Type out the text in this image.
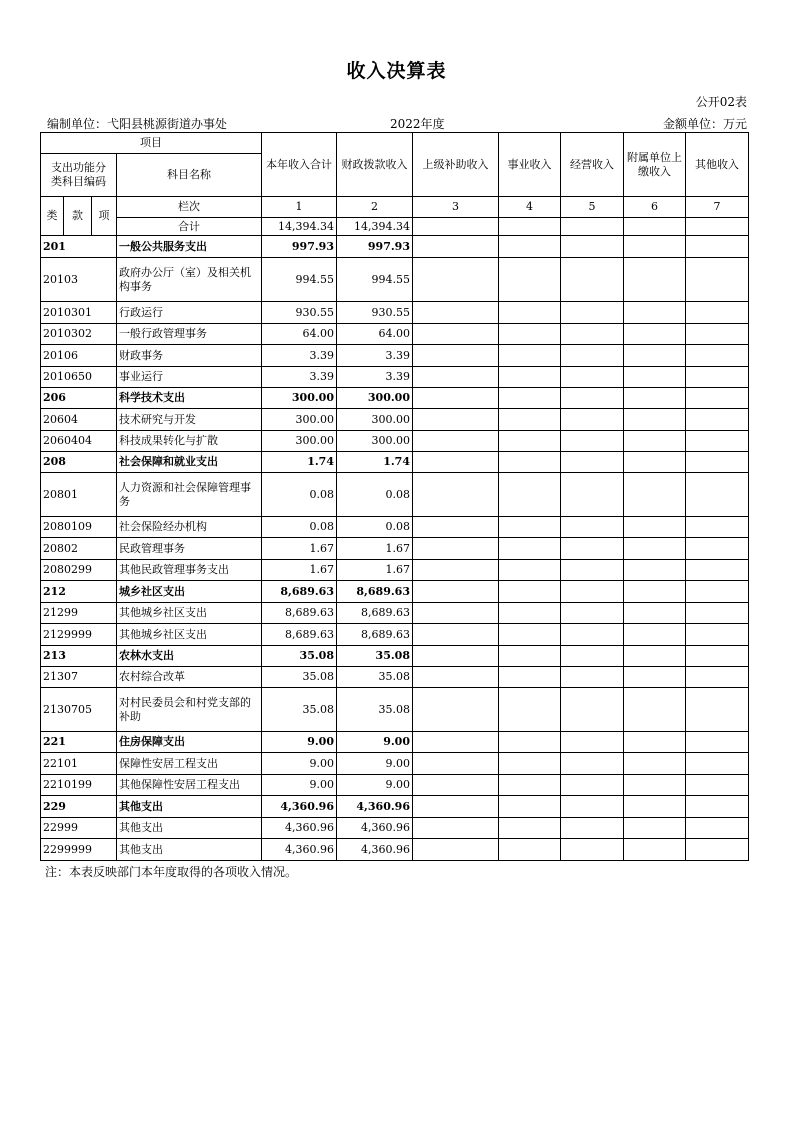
收入决算表
公开02表
编制单位：弋阳县桃源街道办事处	2022年度	金额单位：万元
项目				本年收入合计	财政拨款收入	上级补助收入	事业收入	经营收入	附属单位上缴收入	其他收入
支出功能分类科目编码			科目名称							

类	款	项	栏次	1	2	3	4	5	6	7
			合计	14,394.34	14,394.34					
201			一般公共服务支出	997.93	997.93					
20103			政府办公厅（室）及相关机构事务	994.55	994.55					
2010301			行政运行	930.55	930.55					
2010302			一般行政管理事务	64.00	64.00					
20106			财政事务	3.39	3.39					
2010650			事业运行	3.39	3.39					
206			科学技术支出	300.00	300.00					
20604			技术研究与开发	300.00	300.00					
2060404			科技成果转化与扩散	300.00	300.00					
208			社会保障和就业支出	1.74	1.74					
20801			人力资源和社会保障管理事务	0.08	0.08					
2080109			社会保险经办机构	0.08	0.08					
20802			民政管理事务	1.67	1.67					
2080299			其他民政管理事务支出	1.67	1.67					
212			城乡社区支出	8,689.63	8,689.63					
21299			其他城乡社区支出	8,689.63	8,689.63					
2129999			其他城乡社区支出	8,689.63	8,689.63					
213			农林水支出	35.08	35.08					
21307			农村综合改革	35.08	35.08					
2130705			对村民委员会和村党支部的补助	35.08	35.08					
221			住房保障支出	9.00	9.00					
22101			保障性安居工程支出	9.00	9.00					
2210199			其他保障性安居工程支出	9.00	9.00					
229			其他支出	4,360.96	4,360.96					
22999			其他支出	4,360.96	4,360.96					
2299999			其他支出	4,360.96	4,360.96					
注：本表反映部门本年度取得的各项收入情况。
